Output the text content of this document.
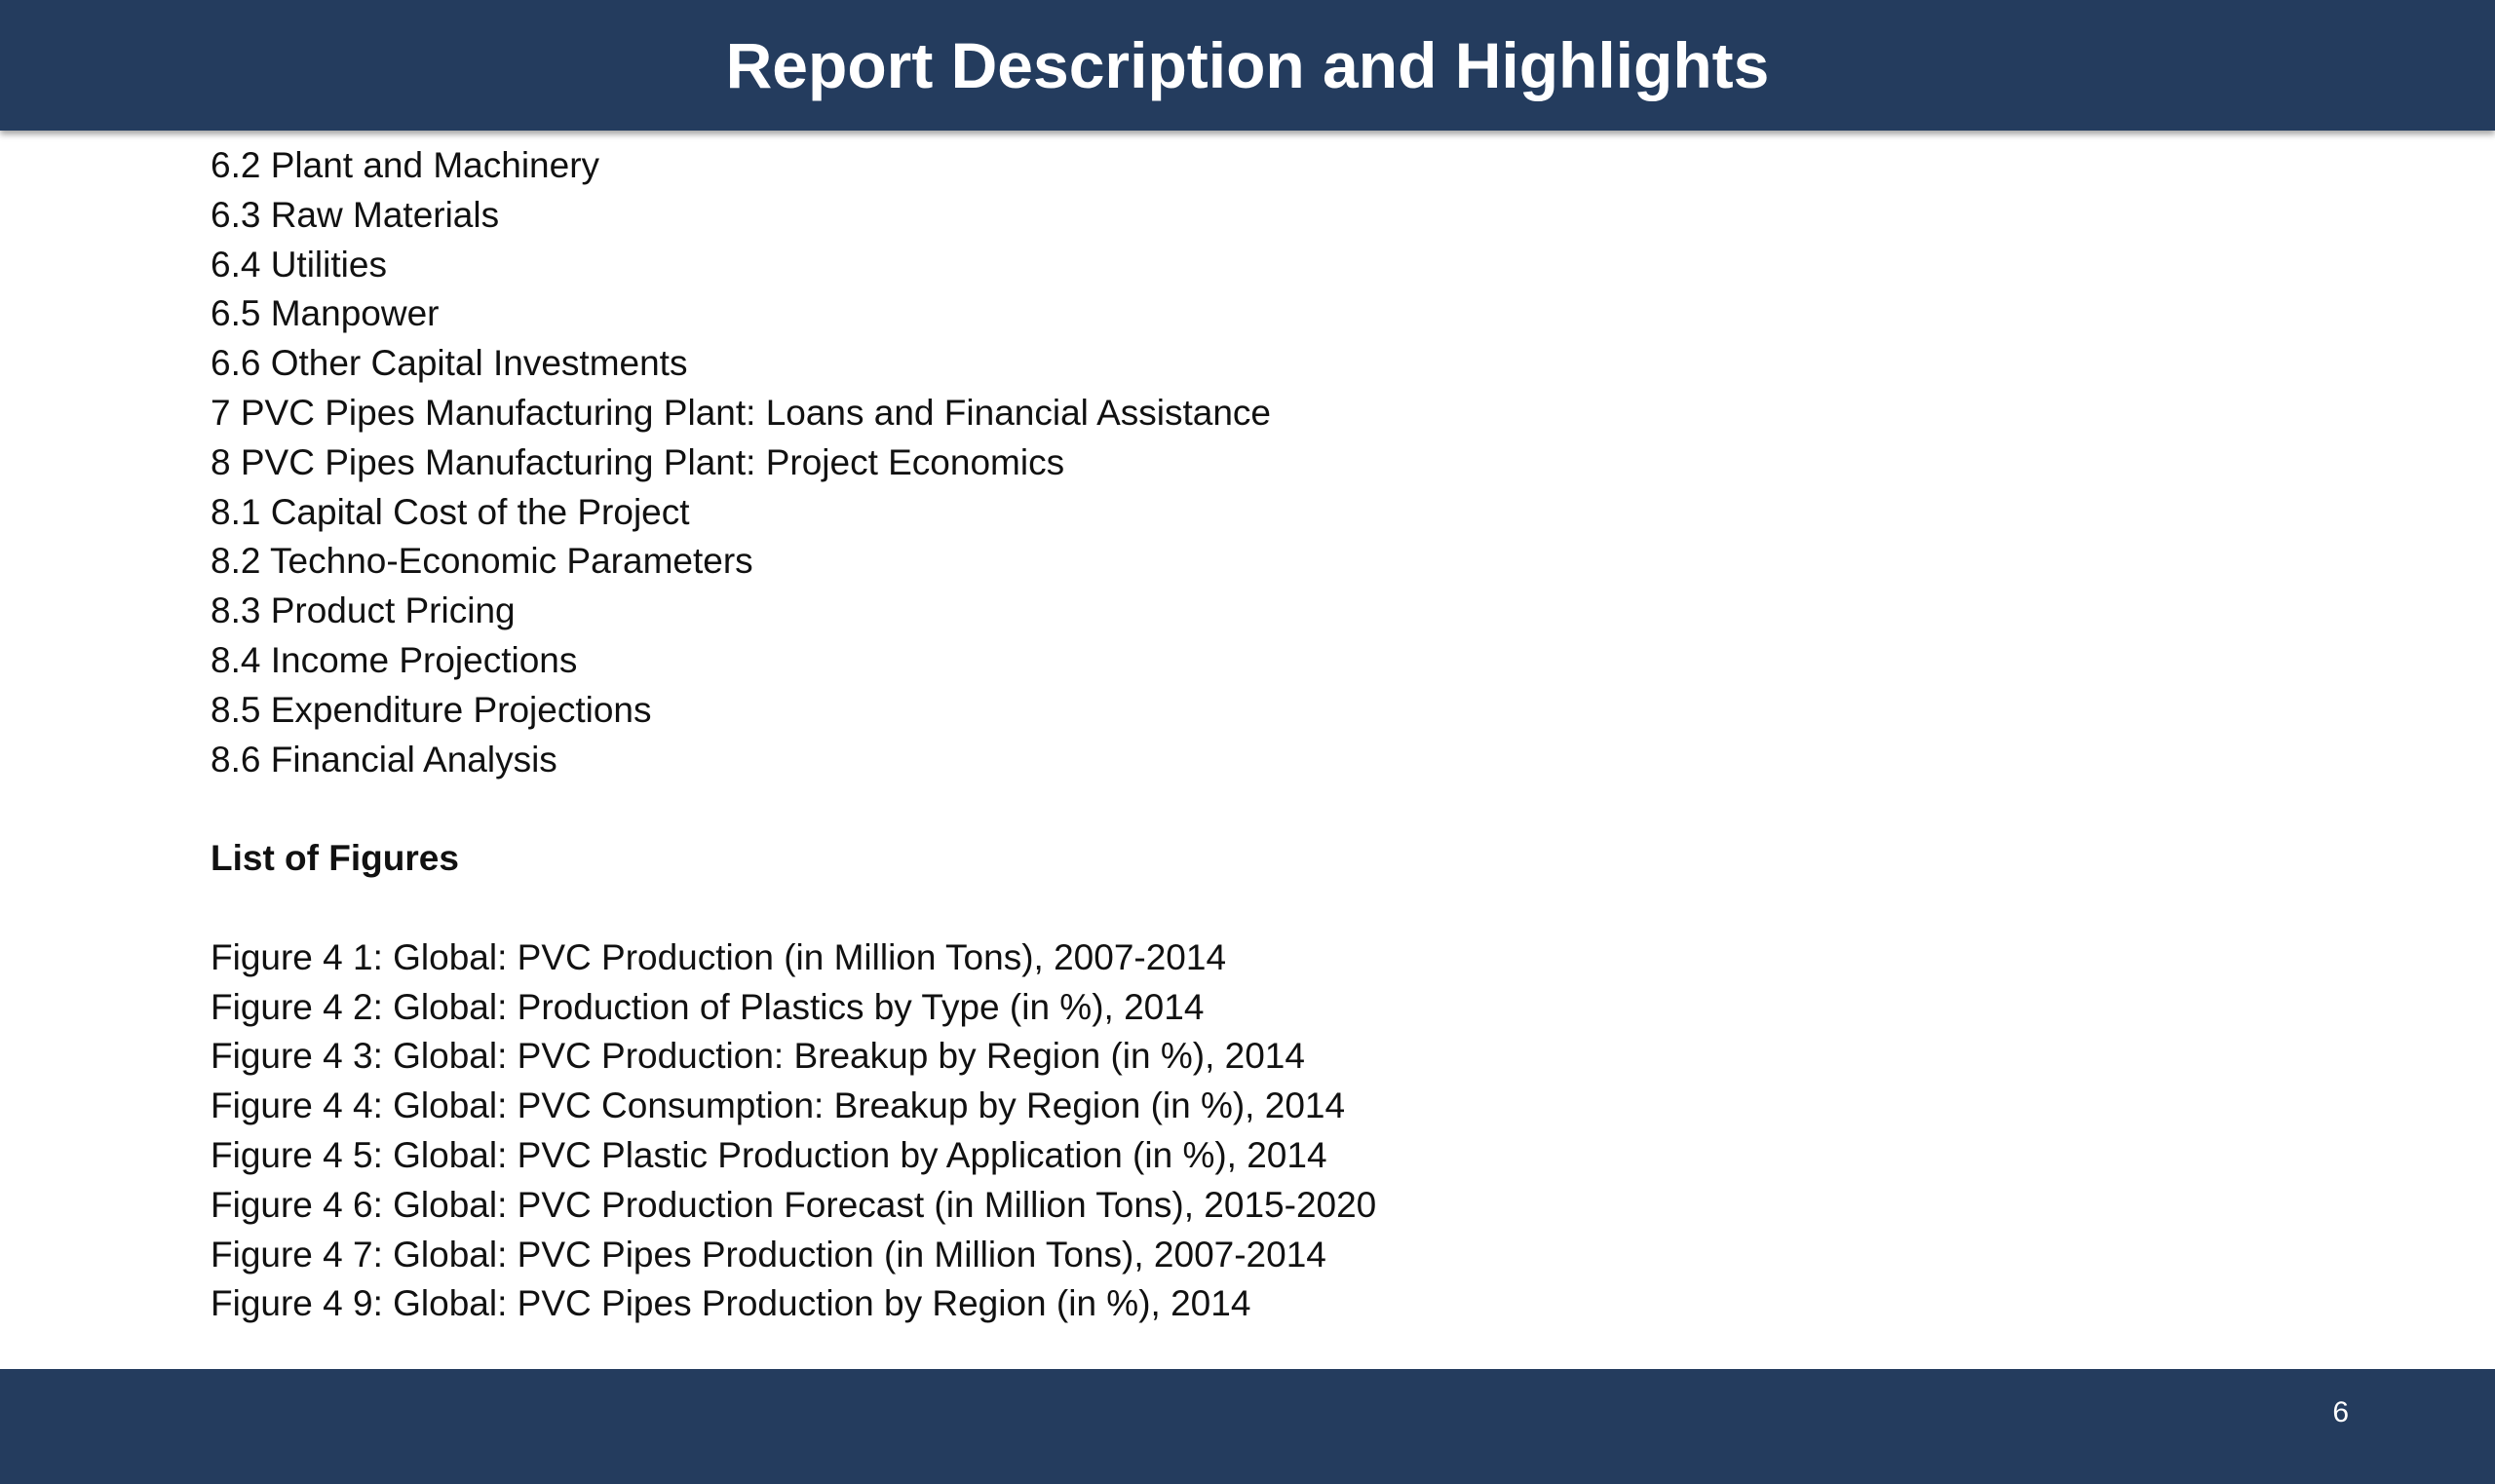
Report Description and Highlights
6.2 Plant and Machinery
6.3 Raw Materials
6.4 Utilities
6.5 Manpower
6.6 Other Capital Investments
7 PVC Pipes Manufacturing Plant: Loans and Financial Assistance
8 PVC Pipes Manufacturing Plant: Project Economics
8.1 Capital Cost of the Project
8.2 Techno-Economic Parameters
8.3 Product Pricing
8.4 Income Projections
8.5 Expenditure Projections
8.6 Financial Analysis
List of Figures
Figure 4 1: Global: PVC Production (in Million Tons), 2007-2014
Figure 4 2: Global: Production of Plastics by Type (in %), 2014
Figure 4 3: Global: PVC Production: Breakup by Region (in %), 2014
Figure 4 4: Global: PVC Consumption: Breakup by Region (in %), 2014
Figure 4 5: Global: PVC Plastic Production by Application (in %), 2014
Figure 4 6: Global: PVC Production Forecast (in Million Tons), 2015-2020
Figure 4 7: Global: PVC Pipes Production (in Million Tons), 2007-2014
Figure 4 9: Global: PVC Pipes Production by Region (in %), 2014
6
